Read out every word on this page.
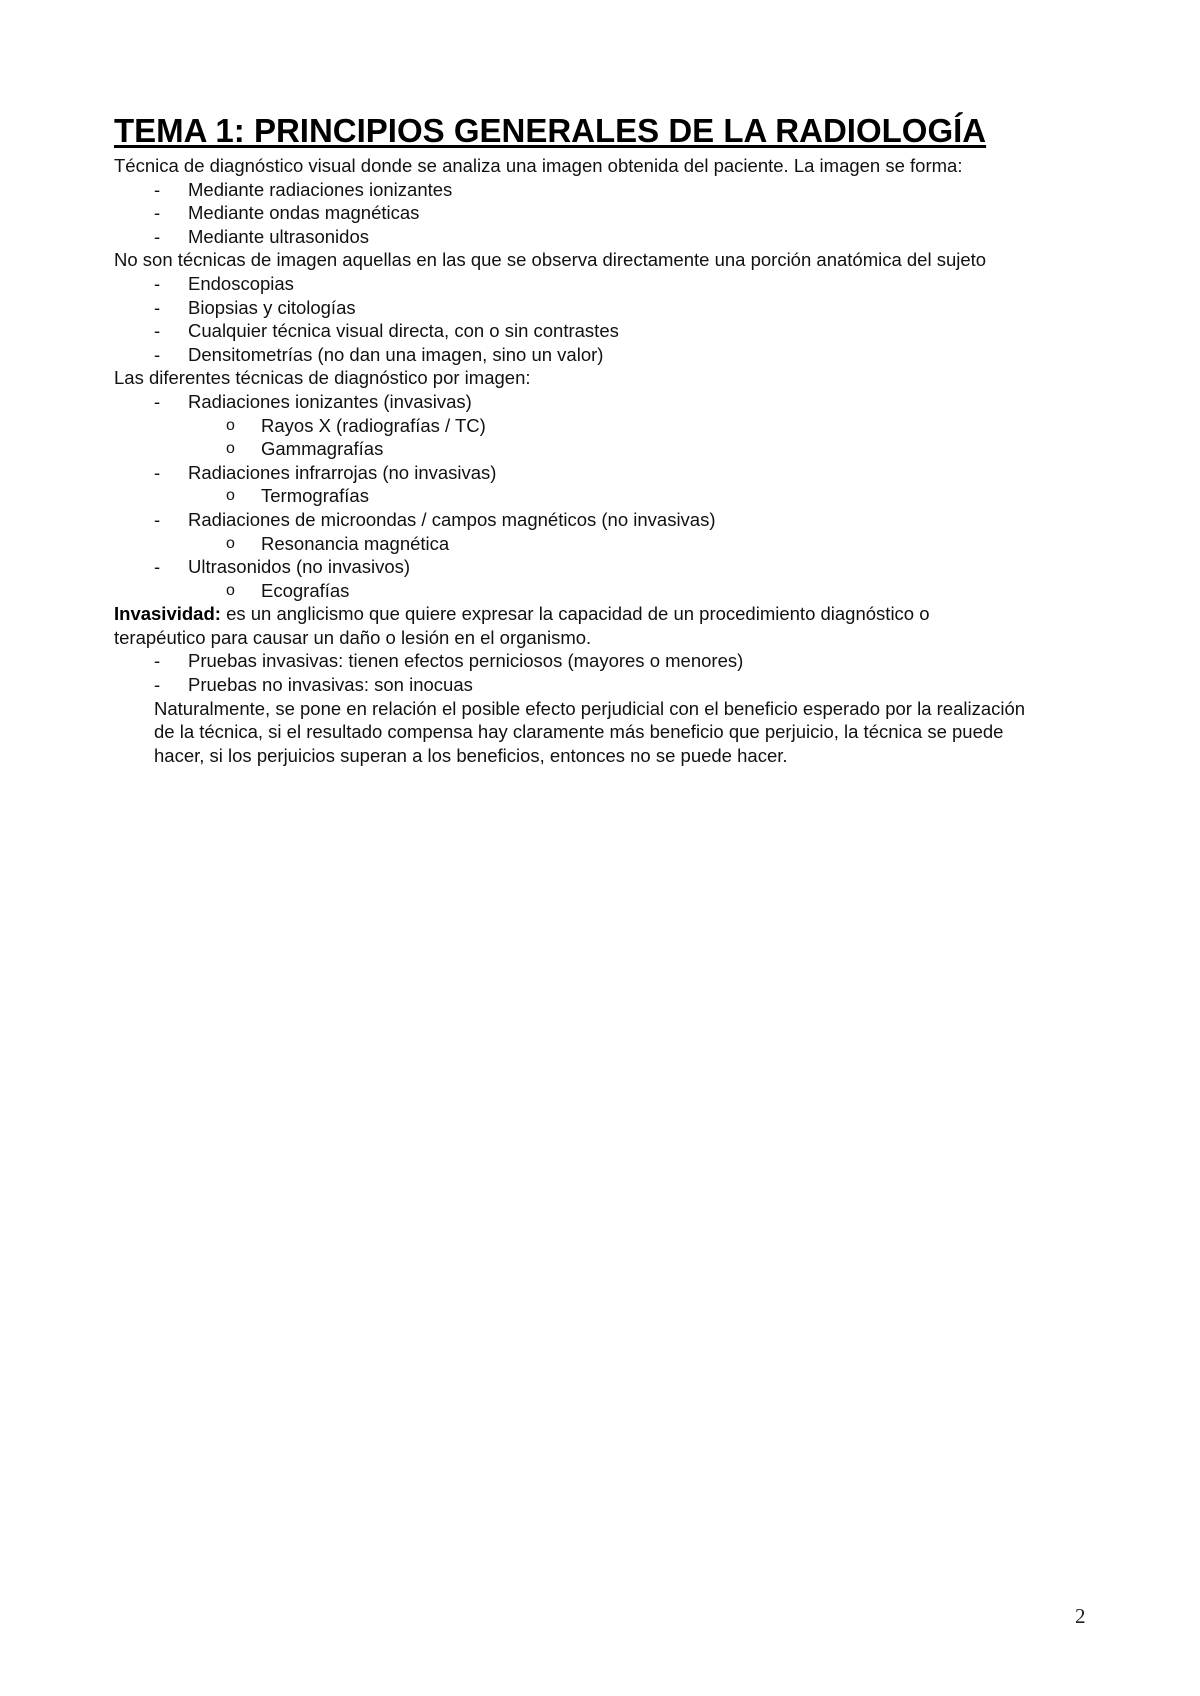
TEMA 1: PRINCIPIOS GENERALES DE LA RADIOLOGÍA

Técnica de diagnóstico visual donde se analiza una imagen obtenida del paciente. La imagen se forma:

- Mediante radiaciones ionizantes

- Mediante ondas magnéticas

- Mediante ultrasonidos

No son técnicas de imagen aquellas en las que se observa directamente una porción anatómica del sujeto

- Endoscopias

- Biopsias y citologías

- Cualquier técnica visual directa, con o sin contrastes

- Densitometrías (no dan una imagen, sino un valor)

Las diferentes técnicas de diagnóstico por imagen:

- Radiaciones ionizantes (invasivas)

o Rayos X (radiografías / TC)

o Gammagrafías

- Radiaciones infrarrojas (no invasivas)

o Termografías

- Radiaciones de microondas / campos magnéticos (no invasivas)

o Resonancia magnética

- Ultrasonidos (no invasivos)

o Ecografías

Invasividad: es un anglicismo que quiere expresar la capacidad de un procedimiento diagnóstico o terapéutico para causar un daño o lesión en el organismo.

- Pruebas invasivas: tienen efectos perniciosos (mayores o menores)

- Pruebas no invasivas: son inocuas

Naturalmente, se pone en relación el posible efecto perjudicial con el beneficio esperado por la realización de la técnica, si el resultado compensa hay claramente más beneficio que perjuicio, la técnica se puede hacer, si los perjuicios superan a los beneficios, entonces no se puede hacer.

2
